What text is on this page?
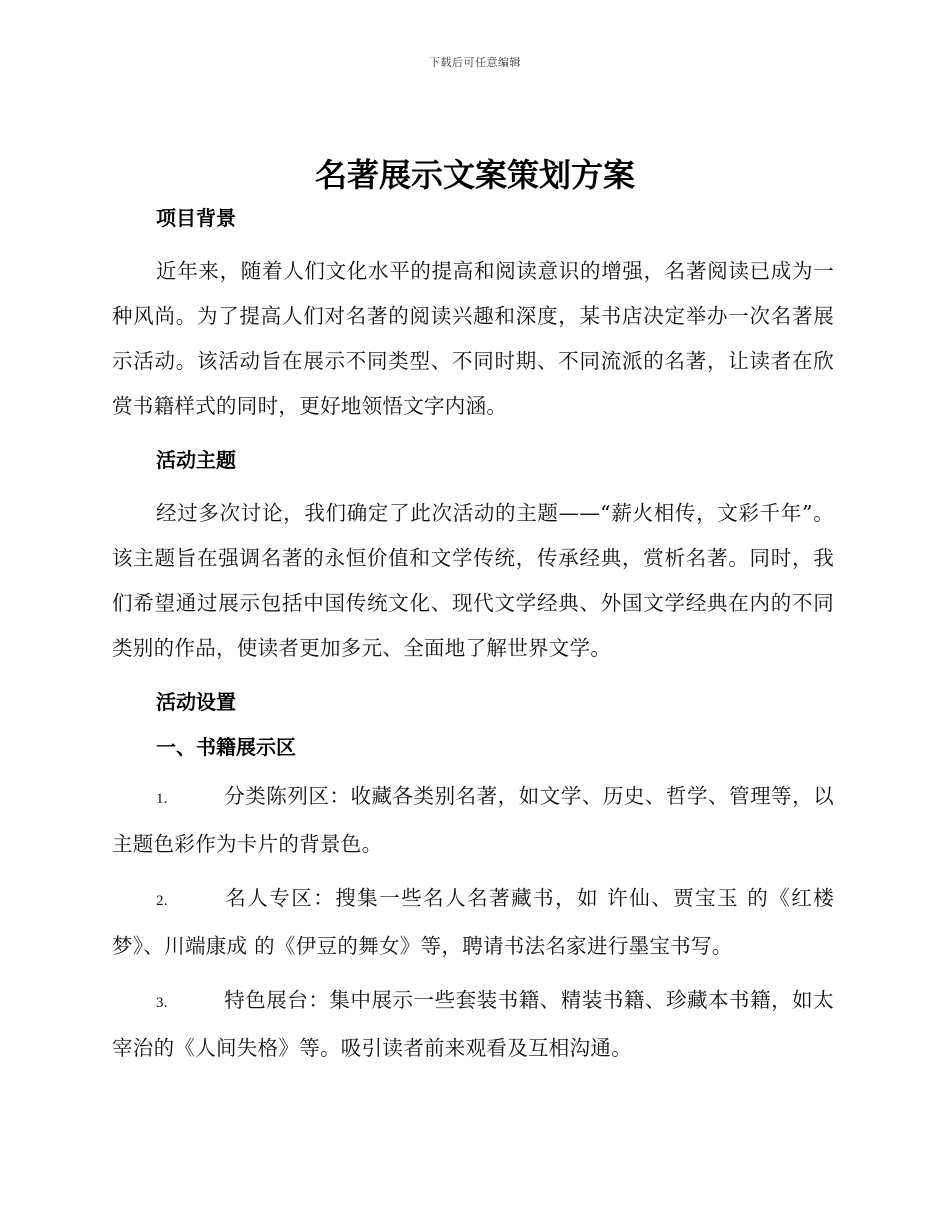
下载后可任意编辑
名著展示文案策划方案
项目背景

近年来，随着人们文化水平的提高和阅读意识的增强，名著阅读已成为一种风尚。为了提高人们对名著的阅读兴趣和深度，某书店决定举办一次名著展示活动。该活动旨在展示不同类型、不同时期、不同流派的名著，让读者在欣赏书籍样式的同时，更好地领悟文字内涵。

活动主题

经过多次讨论，我们确定了此次活动的主题——“薪火相传，文彩千年”。该主题旨在强调名著的永恒价值和文学传统，传承经典，赏析名著。同时，我们希望通过展示包括中国传统文化、现代文学经典、外国文学经典在内的不同类别的作品，使读者更加多元、全面地了解世界文学。

活动设置
一、书籍展示区

1.	分类陈列区：收藏各类别名著，如文学、历史、哲学、管理等，以主题色彩作为卡片的背景色。

2.	名人专区：搜集一些名人名著藏书，如 许仙、贾宝玉 的《红楼梦》、川端康成 的《伊豆的舞女》等，聘请书法名家进行墨宝书写。

3.	特色展台：集中展示一些套装书籍、精装书籍、珍藏本书籍，如太宰治的《人间失格》等。吸引读者前来观看及互相沟通。
